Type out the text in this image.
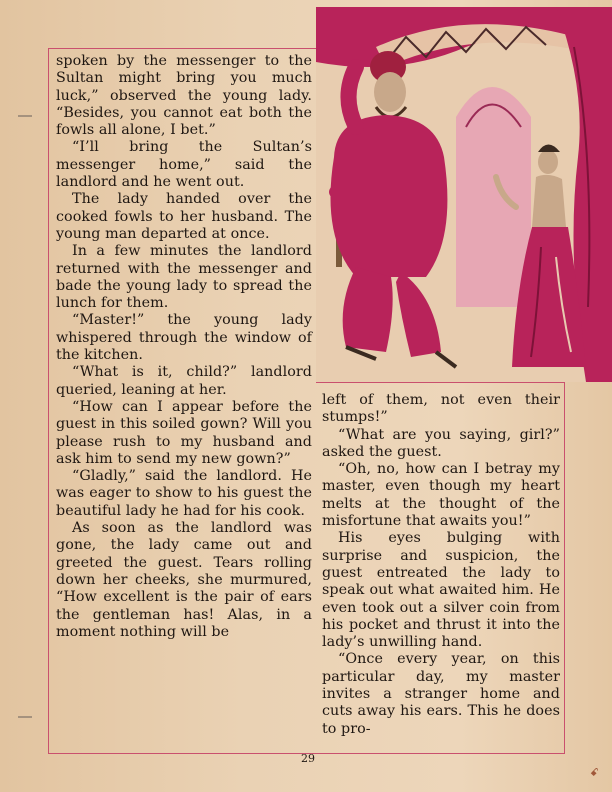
spoken by the messenger to the Sultan might bring you much luck,” observed the young lady. “Besides, you cannot eat both the fowls all alone, I bet.”

“I’ll bring the Sultan’s messenger home,” said the landlord and he went out.

The lady handed over the cooked fowls to her husband. The young man departed at once.

In a few minutes the landlord returned with the messenger and bade the young lady to spread the lunch for them.

“Master!” the young lady whispered through the window of the kitchen.

“What is it, child?” landlord queried, leaning at her.

“How can I appear before the guest in this soiled gown? Will you please rush to my husband and ask him to send my new gown?”

“Gladly,” said the landlord. He was eager to show to his guest the beautiful lady he had for his cook.

As soon as the landlord was gone, the lady came out and greeted the guest. Tears rolling down her cheeks, she murmured, “How excellent is the pair of ears the gentleman has! Alas, in a moment nothing will be

left of them, not even their stumps!”

“What are you saying, girl?” asked the guest.

“Oh, no, how can I betray my master, even though my heart melts at the thought of the misfortune that awaits you!”

His eyes bulging with surprise and suspicion, the guest entreated the lady to speak out what awaited him. He even took out a silver coin from his pocket and thrust it into the lady’s unwilling hand.

“Once every year, on this particular day, my master invites a stranger home and cuts away his ears. This he does to pro-

29
ꗃ
